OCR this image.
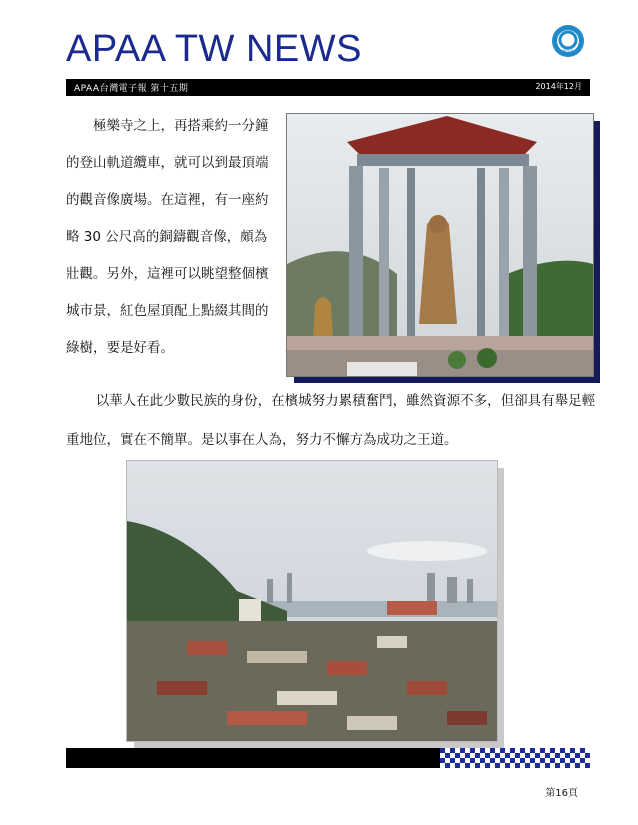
APAA TW NEWS	APAA
APAA台灣電子報 第十五期	2014年12月
極樂寺之上，再搭乘約一分鐘的登山軌道纜車，就可以到最頂端的觀音像廣場。在這裡，有一座約略 30 公尺高的銅鑄觀音像，頗為壯觀。另外，這裡可以眺望整個檳城市景，紅色屋頂配上點綴其間的綠樹，要是好看。
以華人在此少數民族的身份，在檳城努力累積奮鬥，雖然資源不多，但卻具有舉足輕重地位，實在不簡單。是以事在人為，努力不懈方為成功之王道。
第16頁
